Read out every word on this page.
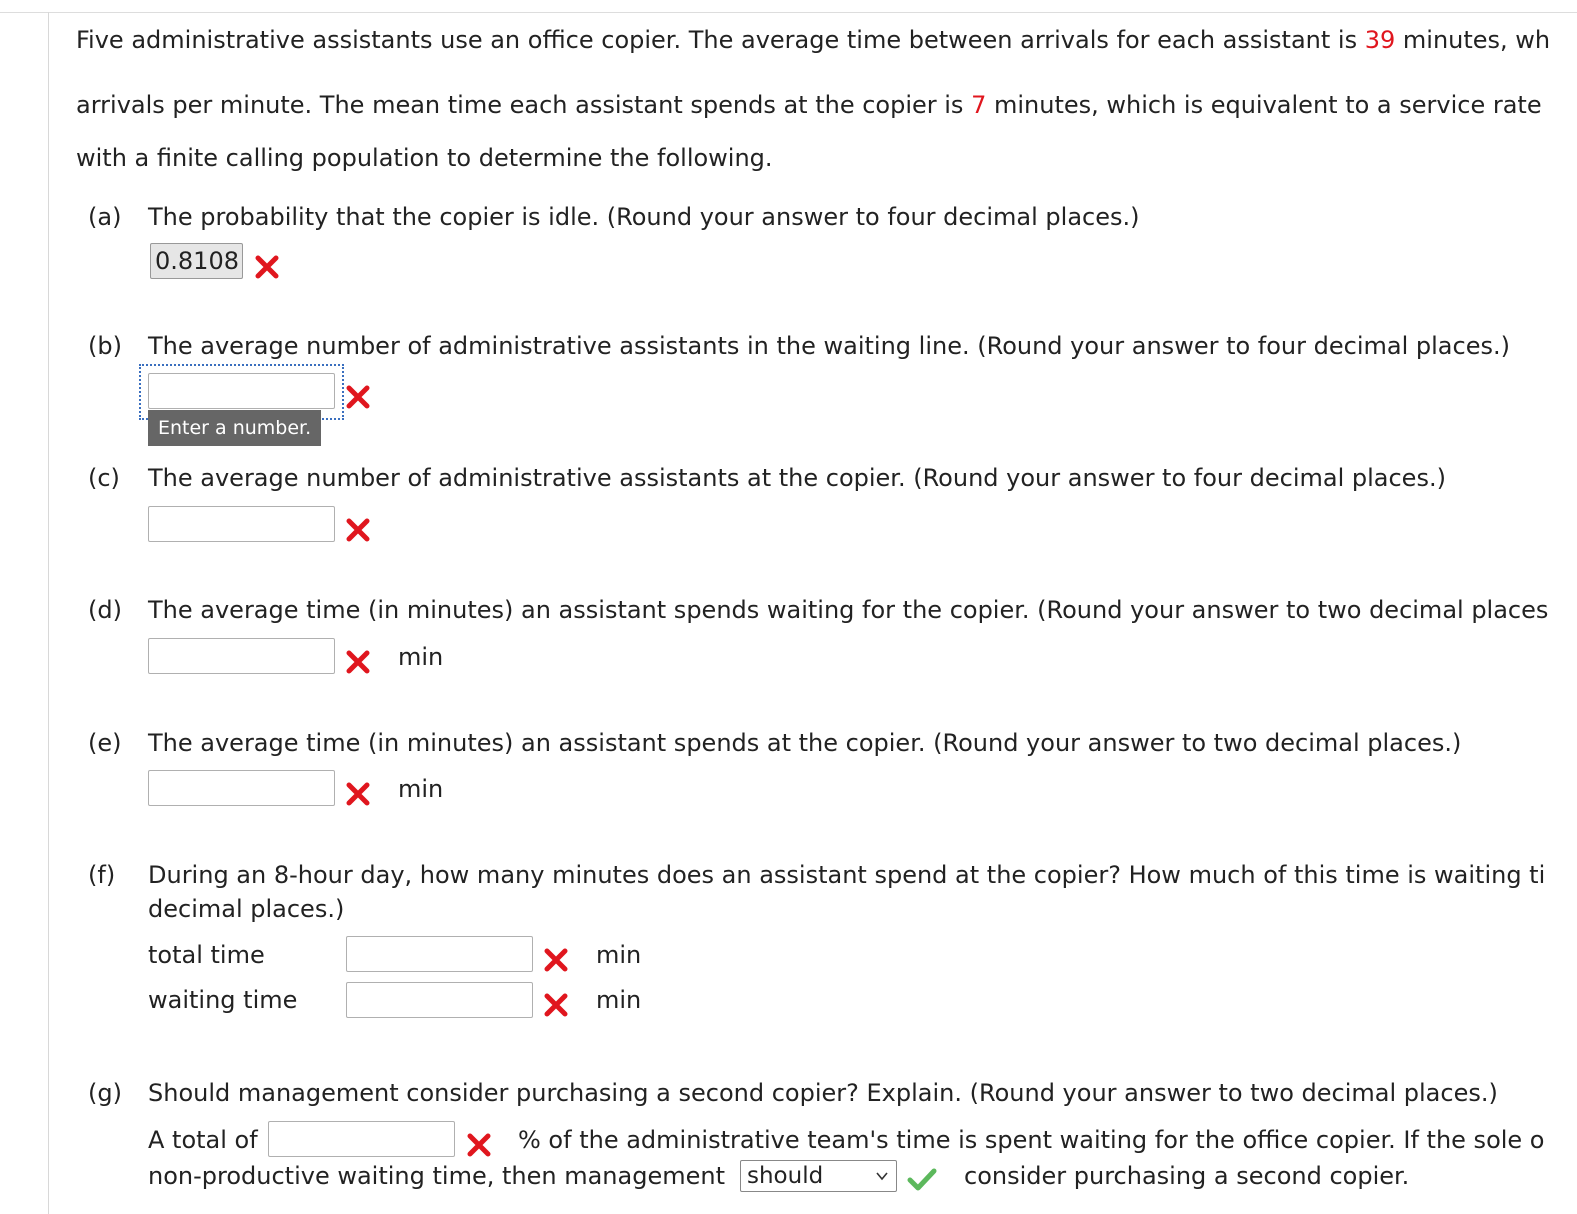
Five administrative assistants use an office copier. The average time between arrivals for each assistant is 39 minutes, wh
arrivals per minute. The mean time each assistant spends at the copier is 7 minutes, which is equivalent to a service rate
with a finite calling population to determine the following.
(a) The probability that the copier is idle. (Round your answer to four decimal places.)
0.8108
(b) The average number of administrative assistants in the waiting line. (Round your answer to four decimal places.)
Enter a number.
(c) The average number of administrative assistants at the copier. (Round your answer to four decimal places.)
(d) The average time (in minutes) an assistant spends waiting for the copier. (Round your answer to two decimal places
min
(e) The average time (in minutes) an assistant spends at the copier. (Round your answer to two decimal places.)
min
(f) During an 8-hour day, how many minutes does an assistant spend at the copier? How much of this time is waiting ti
decimal places.)
total time	min
waiting time	min
(g) Should management consider purchasing a second copier? Explain. (Round your answer to two decimal places.)
A total of	% of the administrative team's time is spent waiting for the office copier. If the sole o
non-productive waiting time, then management should	consider purchasing a second copier.
